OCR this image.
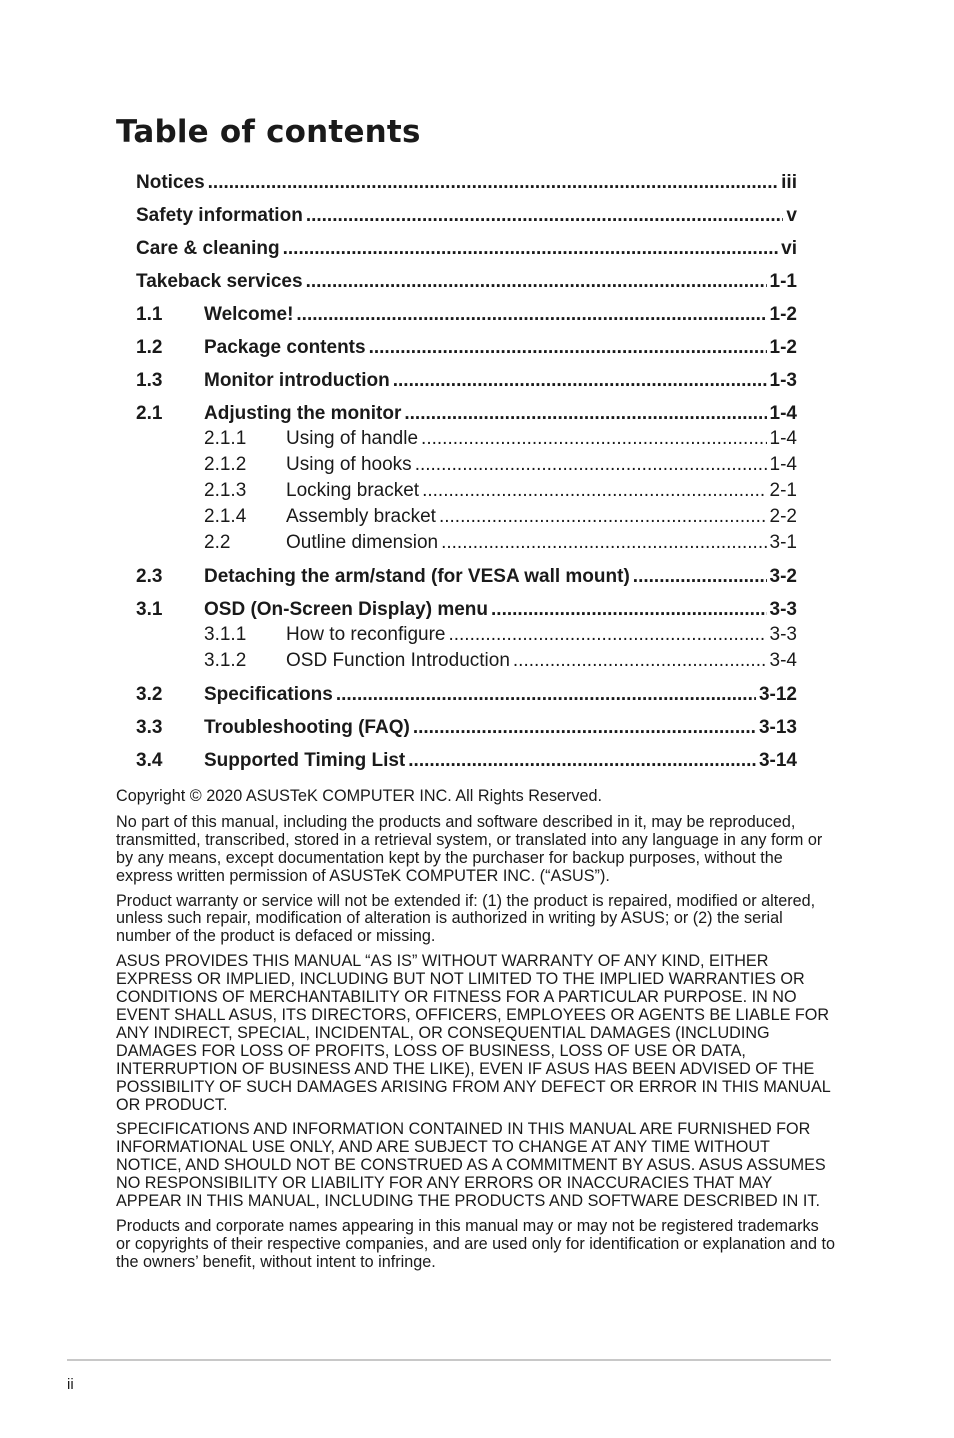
Table of contents
Notices .....	iii
Safety information .....	v
Care & cleaning .....	vi
Takeback services .....	1-1
1.1	Welcome! .....	1-2
1.2	Package contents .....	1-2
1.3	Monitor introduction .....	1-3
2.1	Adjusting the monitor .....	1-4
2.1.1	Using of handle .....	1-4
2.1.2	Using of hooks .....	1-4
2.1.3	Locking bracket .....	2-1
2.1.4	Assembly bracket .....	2-2
2.2	Outline dimension .....	3-1
2.3	Detaching the arm/stand (for VESA wall mount) .....	3-2
3.1	OSD (On-Screen Display) menu .....	3-3
3.1.1	How to reconfigure .....	3-3
3.1.2	OSD Function Introduction .....	3-4
3.2	Specifications .....	3-12
3.3	Troubleshooting (FAQ) .....	3-13
3.4	Supported Timing List .....	3-14

Copyright © 2020 ASUSTeK COMPUTER INC. All Rights Reserved.

No part of this manual, including the products and software described in it, may be reproduced, transmitted, transcribed, stored in a retrieval system, or translated into any language in any form or by any means, except documentation kept by the purchaser for backup purposes, without the express written permission of ASUSTeK COMPUTER INC. (“ASUS”).

Product warranty or service will not be extended if: (1) the product is repaired, modified or altered, unless such repair, modification of alteration is authorized in writing by ASUS; or (2) the serial number of the product is defaced or missing.

ASUS PROVIDES THIS MANUAL “AS IS” WITHOUT WARRANTY OF ANY KIND, EITHER EXPRESS OR IMPLIED, INCLUDING BUT NOT LIMITED TO THE IMPLIED WARRANTIES OR CONDITIONS OF MERCHANTABILITY OR FITNESS FOR A PARTICULAR PURPOSE. IN NO EVENT SHALL ASUS, ITS DIRECTORS, OFFICERS, EMPLOYEES OR AGENTS BE LIABLE FOR ANY INDIRECT, SPECIAL, INCIDENTAL, OR CONSEQUENTIAL DAMAGES (INCLUDING DAMAGES FOR LOSS OF PROFITS, LOSS OF BUSINESS, LOSS OF USE OR DATA, INTERRUPTION OF BUSINESS AND THE LIKE), EVEN IF ASUS HAS BEEN ADVISED OF THE POSSIBILITY OF SUCH DAMAGES ARISING FROM ANY DEFECT OR ERROR IN THIS MANUAL OR PRODUCT.

SPECIFICATIONS AND INFORMATION CONTAINED IN THIS MANUAL ARE FURNISHED FOR INFORMATIONAL USE ONLY, AND ARE SUBJECT TO CHANGE AT ANY TIME WITHOUT NOTICE, AND SHOULD NOT BE CONSTRUED AS A COMMITMENT BY ASUS. ASUS ASSUMES NO RESPONSIBILITY OR LIABILITY FOR ANY ERRORS OR INACCURACIES THAT MAY APPEAR IN THIS MANUAL, INCLUDING THE PRODUCTS AND SOFTWARE DESCRIBED IN IT.

Products and corporate names appearing in this manual may or may not be registered trademarks or copyrights of their respective companies, and are used only for identification or explanation and to the owners’ benefit, without intent to infringe.

ii
